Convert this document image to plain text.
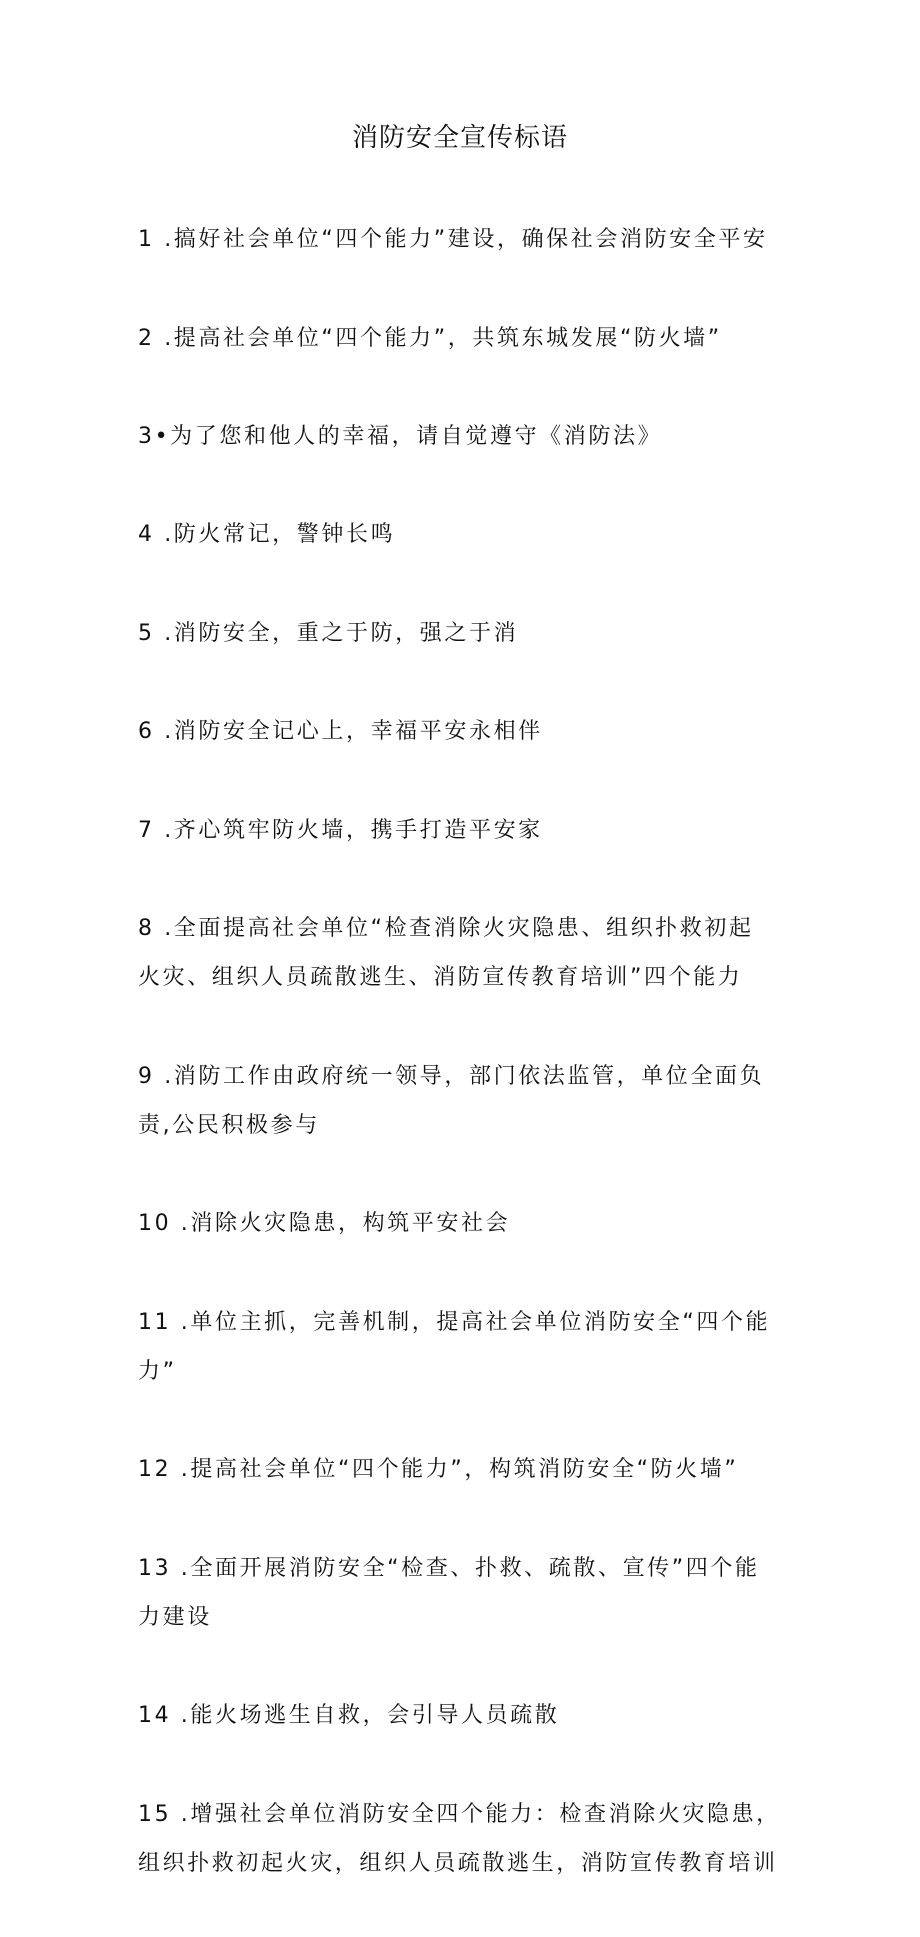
消防安全宣传标语

1 .搞好社会单位“四个能力”建设，确保社会消防安全平安

2 .提高社会单位“四个能力”，共筑东城发展“防火墙”

3•为了您和他人的幸福，请自觉遵守《消防法》

4 .防火常记，警钟长鸣

5 .消防安全，重之于防，强之于消

6 .消防安全记心上，幸福平安永相伴

7 .齐心筑牢防火墙，携手打造平安家

8 .全面提高社会单位“检查消除火灾隐患、组织扑救初起
火灾、组织人员疏散逃生、消防宣传教育培训”四个能力

9 .消防工作由政府统一领导，部门依法监管，单位全面负
责,公民积极参与

10 .消除火灾隐患，构筑平安社会

11 .单位主抓，完善机制，提高社会单位消防安全“四个能
力”

12 .提高社会单位“四个能力”，构筑消防安全“防火墙”

13 .全面开展消防安全“检查、扑救、疏散、宣传”四个能
力建设

14 .能火场逃生自救，会引导人员疏散

15 .增强社会单位消防安全四个能力：检查消除火灾隐患，
组织扑救初起火灾，组织人员疏散逃生，消防宣传教育培训
